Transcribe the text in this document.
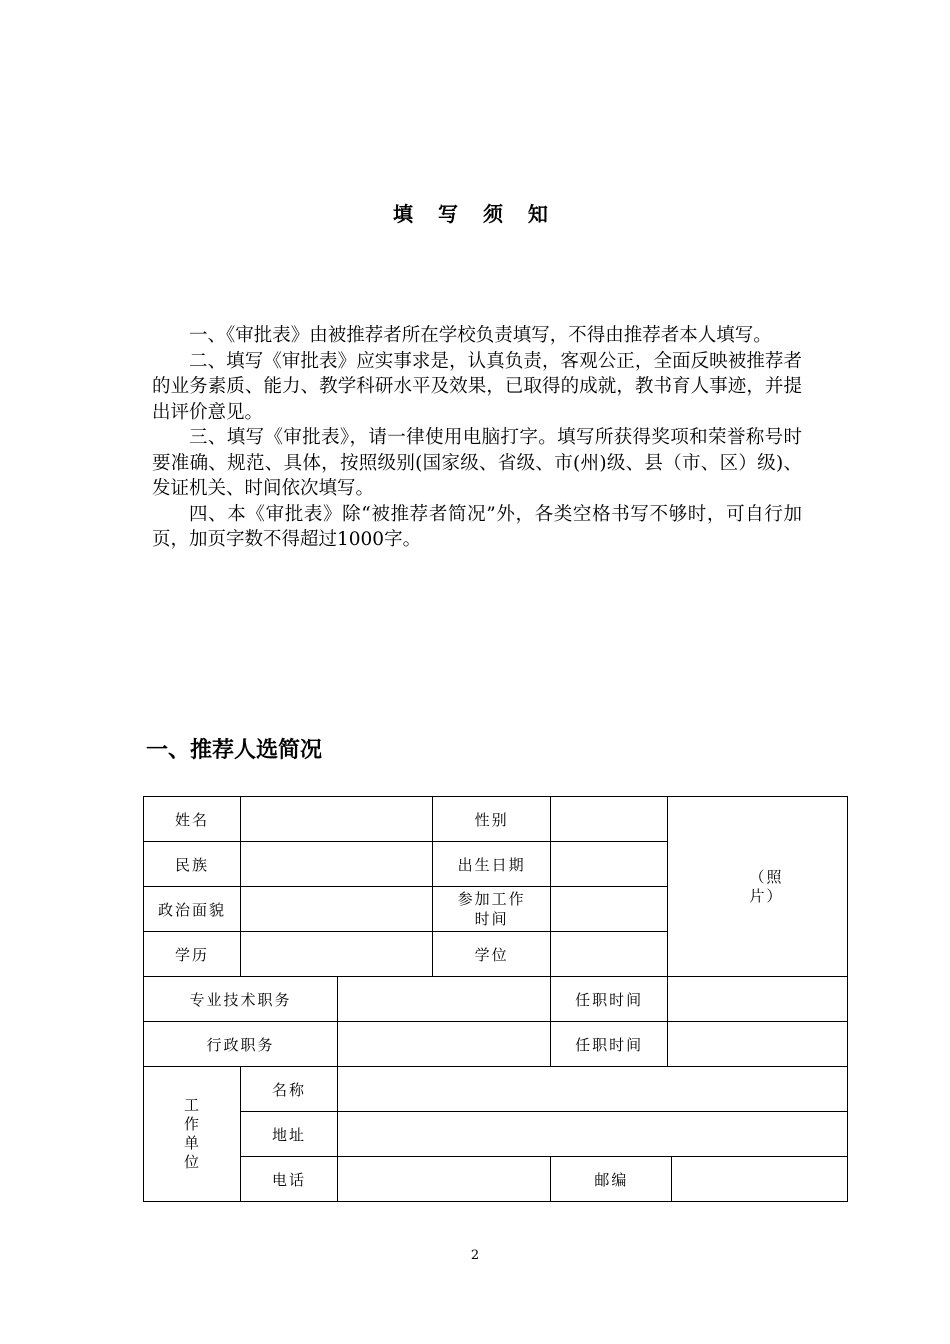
填 写 须 知

一、《审批表》由被推荐者所在学校负责填写，不得由推荐者本人填写。

二、填写《审批表》应实事求是，认真负责，客观公正，全面反映被推荐者的业务素质、能力、教学科研水平及效果，已取得的成就，教书育人事迹，并提出评价意见。

三、填写《审批表》，请一律使用电脑打字。填写所获得奖项和荣誉称号时要准确、规范、具体，按照级别(国家级、省级、市(州)级、县（市、区）级)、发证机关、时间依次填写。

四、本《审批表》除“被推荐者简况”外，各类空格书写不够时，可自行加页，加页字数不得超过1000字。

一、推荐人选简况
姓名			性别		（照片）	
民族			出生日期			
政治面貌			参加工作时间			

学历			学位			
专业技术职务				任职时间		
行政职务				任职时间		
工作单位	名称					
	地址					
	电话			邮编		
2
